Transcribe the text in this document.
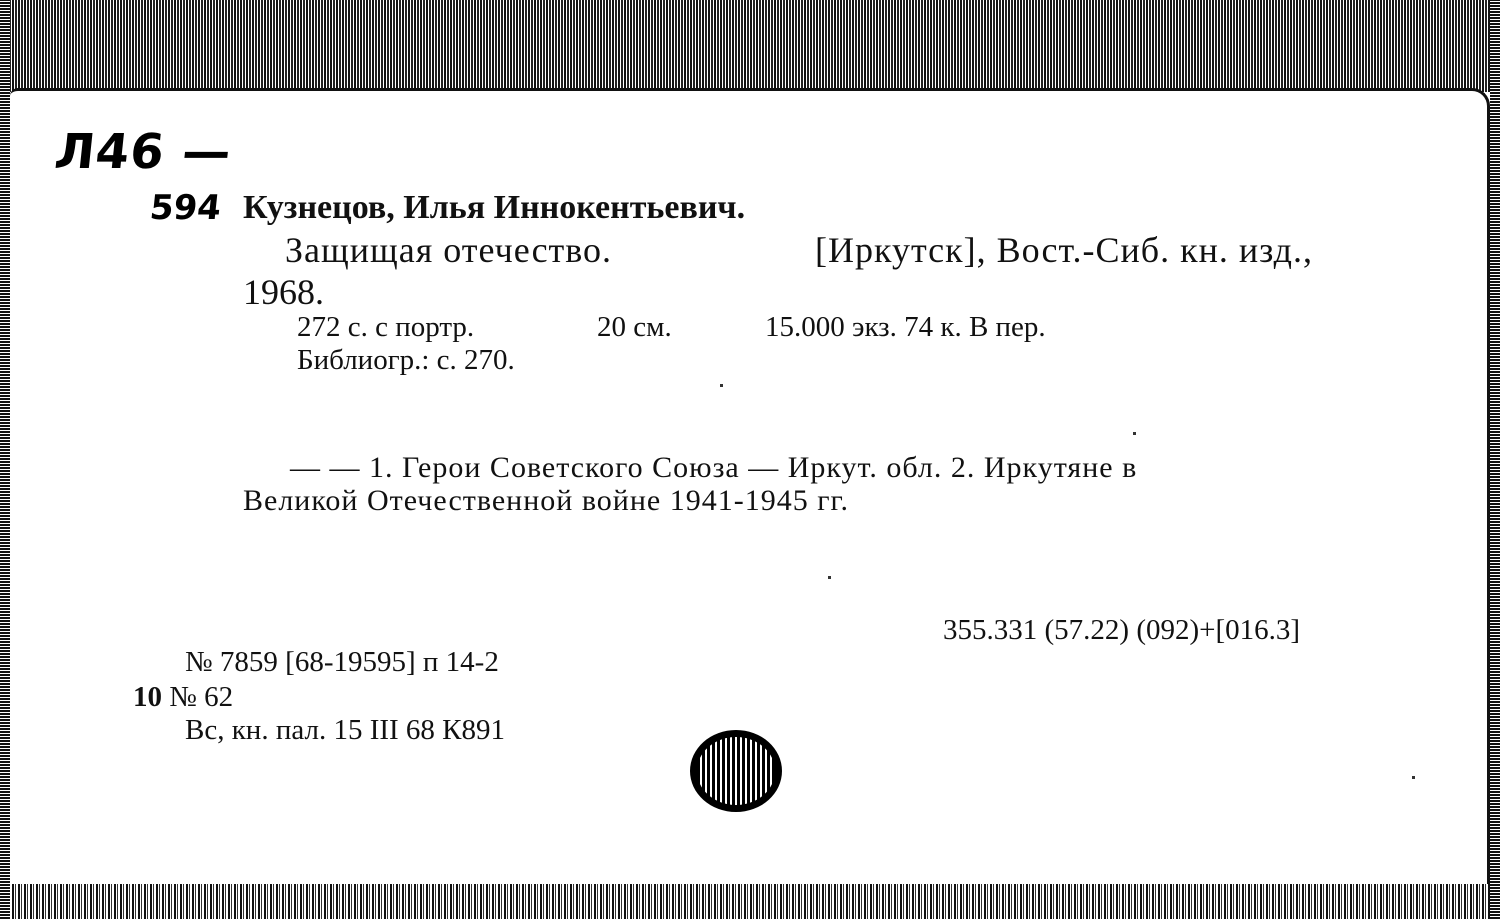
Л46 —
594 Кузнецов, Илья Иннокентьевич.
Защищая отечество.	[Иркутск], Вост.-Сиб. кн. изд.,
1968.
272 с. с портр.	20 см.	15.000 экз. 74 к. В пер.
Библиогр.: с. 270.
— — 1. Герои Советского Союза — Иркут. обл. 2. Иркутяне в
Великой Отечественной войне 1941-1945 гг.
355.331 (57.22) (092)+[016.3]
№ 7859 [68-19595] п 14-2
10 № 62
Вс, кн. пал. 15 III 68 К891
